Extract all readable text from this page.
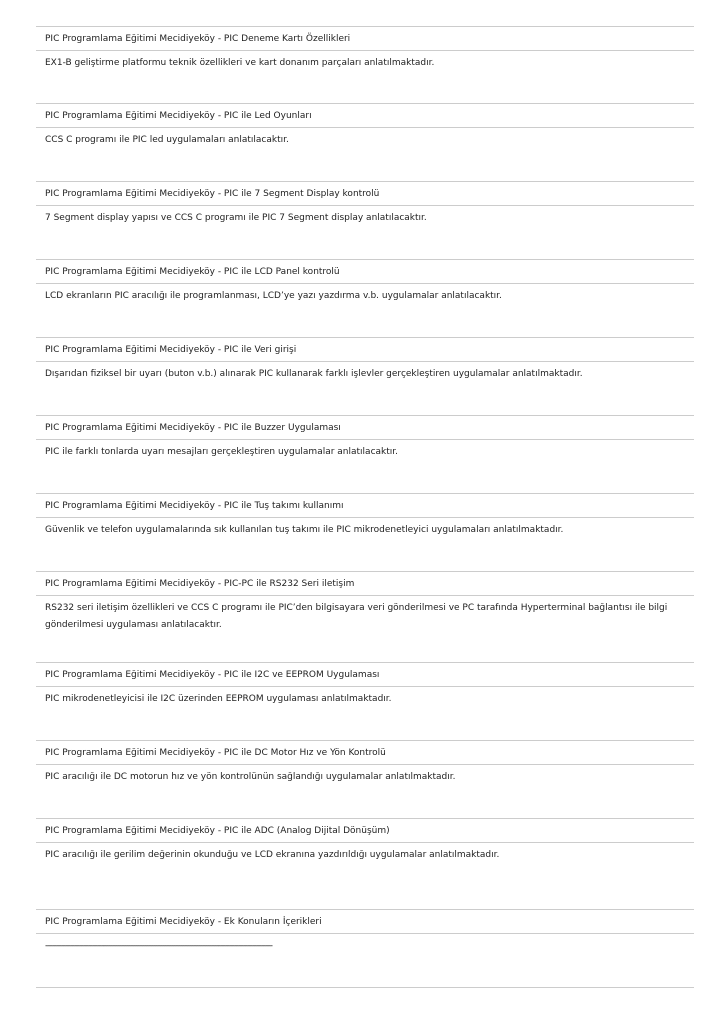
PIC Programlama Eğitimi Mecidiyeköy - PIC Deneme Kartı Özellikleri
EX1-B geliştirme platformu teknik özellikleri ve kart donanım parçaları anlatılmaktadır.
PIC Programlama Eğitimi Mecidiyeköy - PIC ile Led Oyunları
CCS C programı ile PIC led uygulamaları anlatılacaktır.
PIC Programlama Eğitimi Mecidiyeköy - PIC ile 7 Segment Display kontrolü
7 Segment display yapısı ve CCS C programı ile PIC 7 Segment display anlatılacaktır.
PIC Programlama Eğitimi Mecidiyeköy - PIC ile LCD Panel kontrolü
LCD ekranların PIC aracılığı ile programlanması, LCD’ye yazı yazdırma v.b. uygulamalar anlatılacaktır.
PIC Programlama Eğitimi Mecidiyeköy - PIC ile Veri girişi
Dışarıdan fiziksel bir uyarı (buton v.b.) alınarak PIC kullanarak farklı işlevler gerçekleştiren uygulamalar anlatılmaktadır.
PIC Programlama Eğitimi Mecidiyeköy - PIC ile Buzzer Uygulaması
PIC ile farklı tonlarda uyarı mesajları gerçekleştiren uygulamalar anlatılacaktır.
PIC Programlama Eğitimi Mecidiyeköy - PIC ile Tuş takımı kullanımı
Güvenlik ve telefon uygulamalarında sık kullanılan tuş takımı ile PIC mikrodenetleyici uygulamaları anlatılmaktadır.
PIC Programlama Eğitimi Mecidiyeköy - PIC-PC ile RS232 Seri iletişim
RS232 seri iletişim özellikleri ve CCS C programı ile PIC’den bilgisayara veri gönderilmesi ve PC tarafında Hyperterminal bağlantısı ile bilgi gönderilmesi uygulaması anlatılacaktır.
PIC Programlama Eğitimi Mecidiyeköy - PIC ile I2C ve EEPROM Uygulaması
PIC mikrodenetleyicisi ile I2C üzerinden EEPROM uygulaması anlatılmaktadır.
PIC Programlama Eğitimi Mecidiyeköy - PIC ile DC Motor Hız ve Yön Kontrolü
PIC aracılığı ile DC motorun hız ve yön kontrolünün sağlandığı uygulamalar anlatılmaktadır.
PIC Programlama Eğitimi Mecidiyeköy - PIC ile ADC (Analog Dijital Dönüşüm)
PIC aracılığı ile gerilim değerinin okunduğu ve LCD ekranına yazdırıldığı uygulamalar anlatılmaktadır.
PIC Programlama Eğitimi Mecidiyeköy - Ek Konuların İçerikleri
-----------------------------------------------------------------------------------------------------
